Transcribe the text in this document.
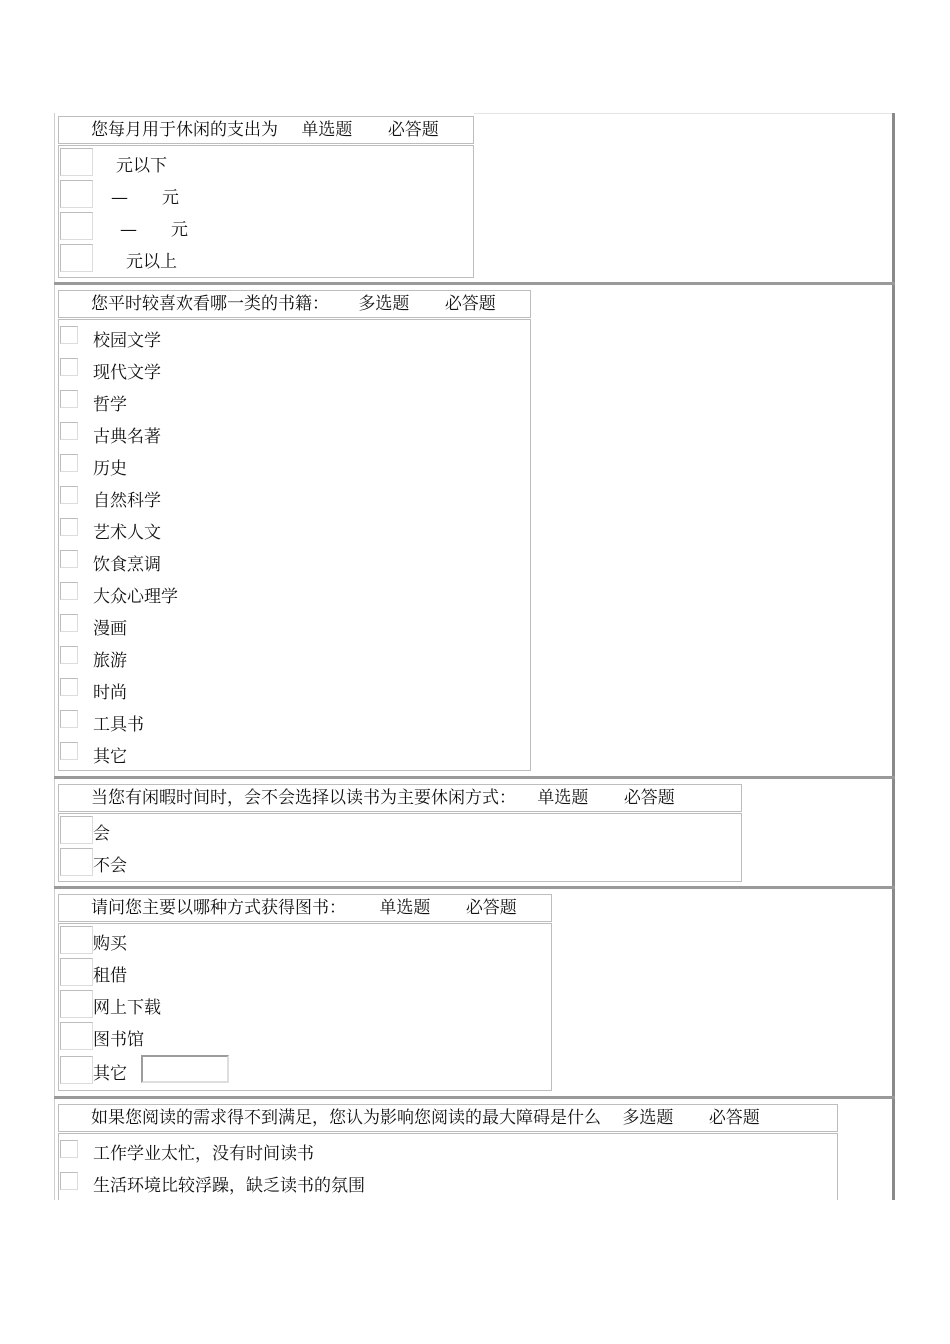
您每月用于休闲的支出为 单选题 必答题
元以下
—　　元
—　　元
元以上
您平时较喜欢看哪一类的书籍： 多选题 必答题
校园文学
现代文学
哲学
古典名著
历史
自然科学
艺术人文
饮食烹调
大众心理学
漫画
旅游
时尚
工具书
其它
当您有闲暇时间时，会不会选择以读书为主要休闲方式： 单选题 必答题
会
不会
请问您主要以哪种方式获得图书： 单选题 必答题
购买
租借
网上下载
图书馆
其它
如果您阅读的需求得不到满足，您认为影响您阅读的最大障碍是什么 多选题 必答题
工作学业太忙，没有时间读书
生活环境比较浮躁，缺乏读书的氛围
